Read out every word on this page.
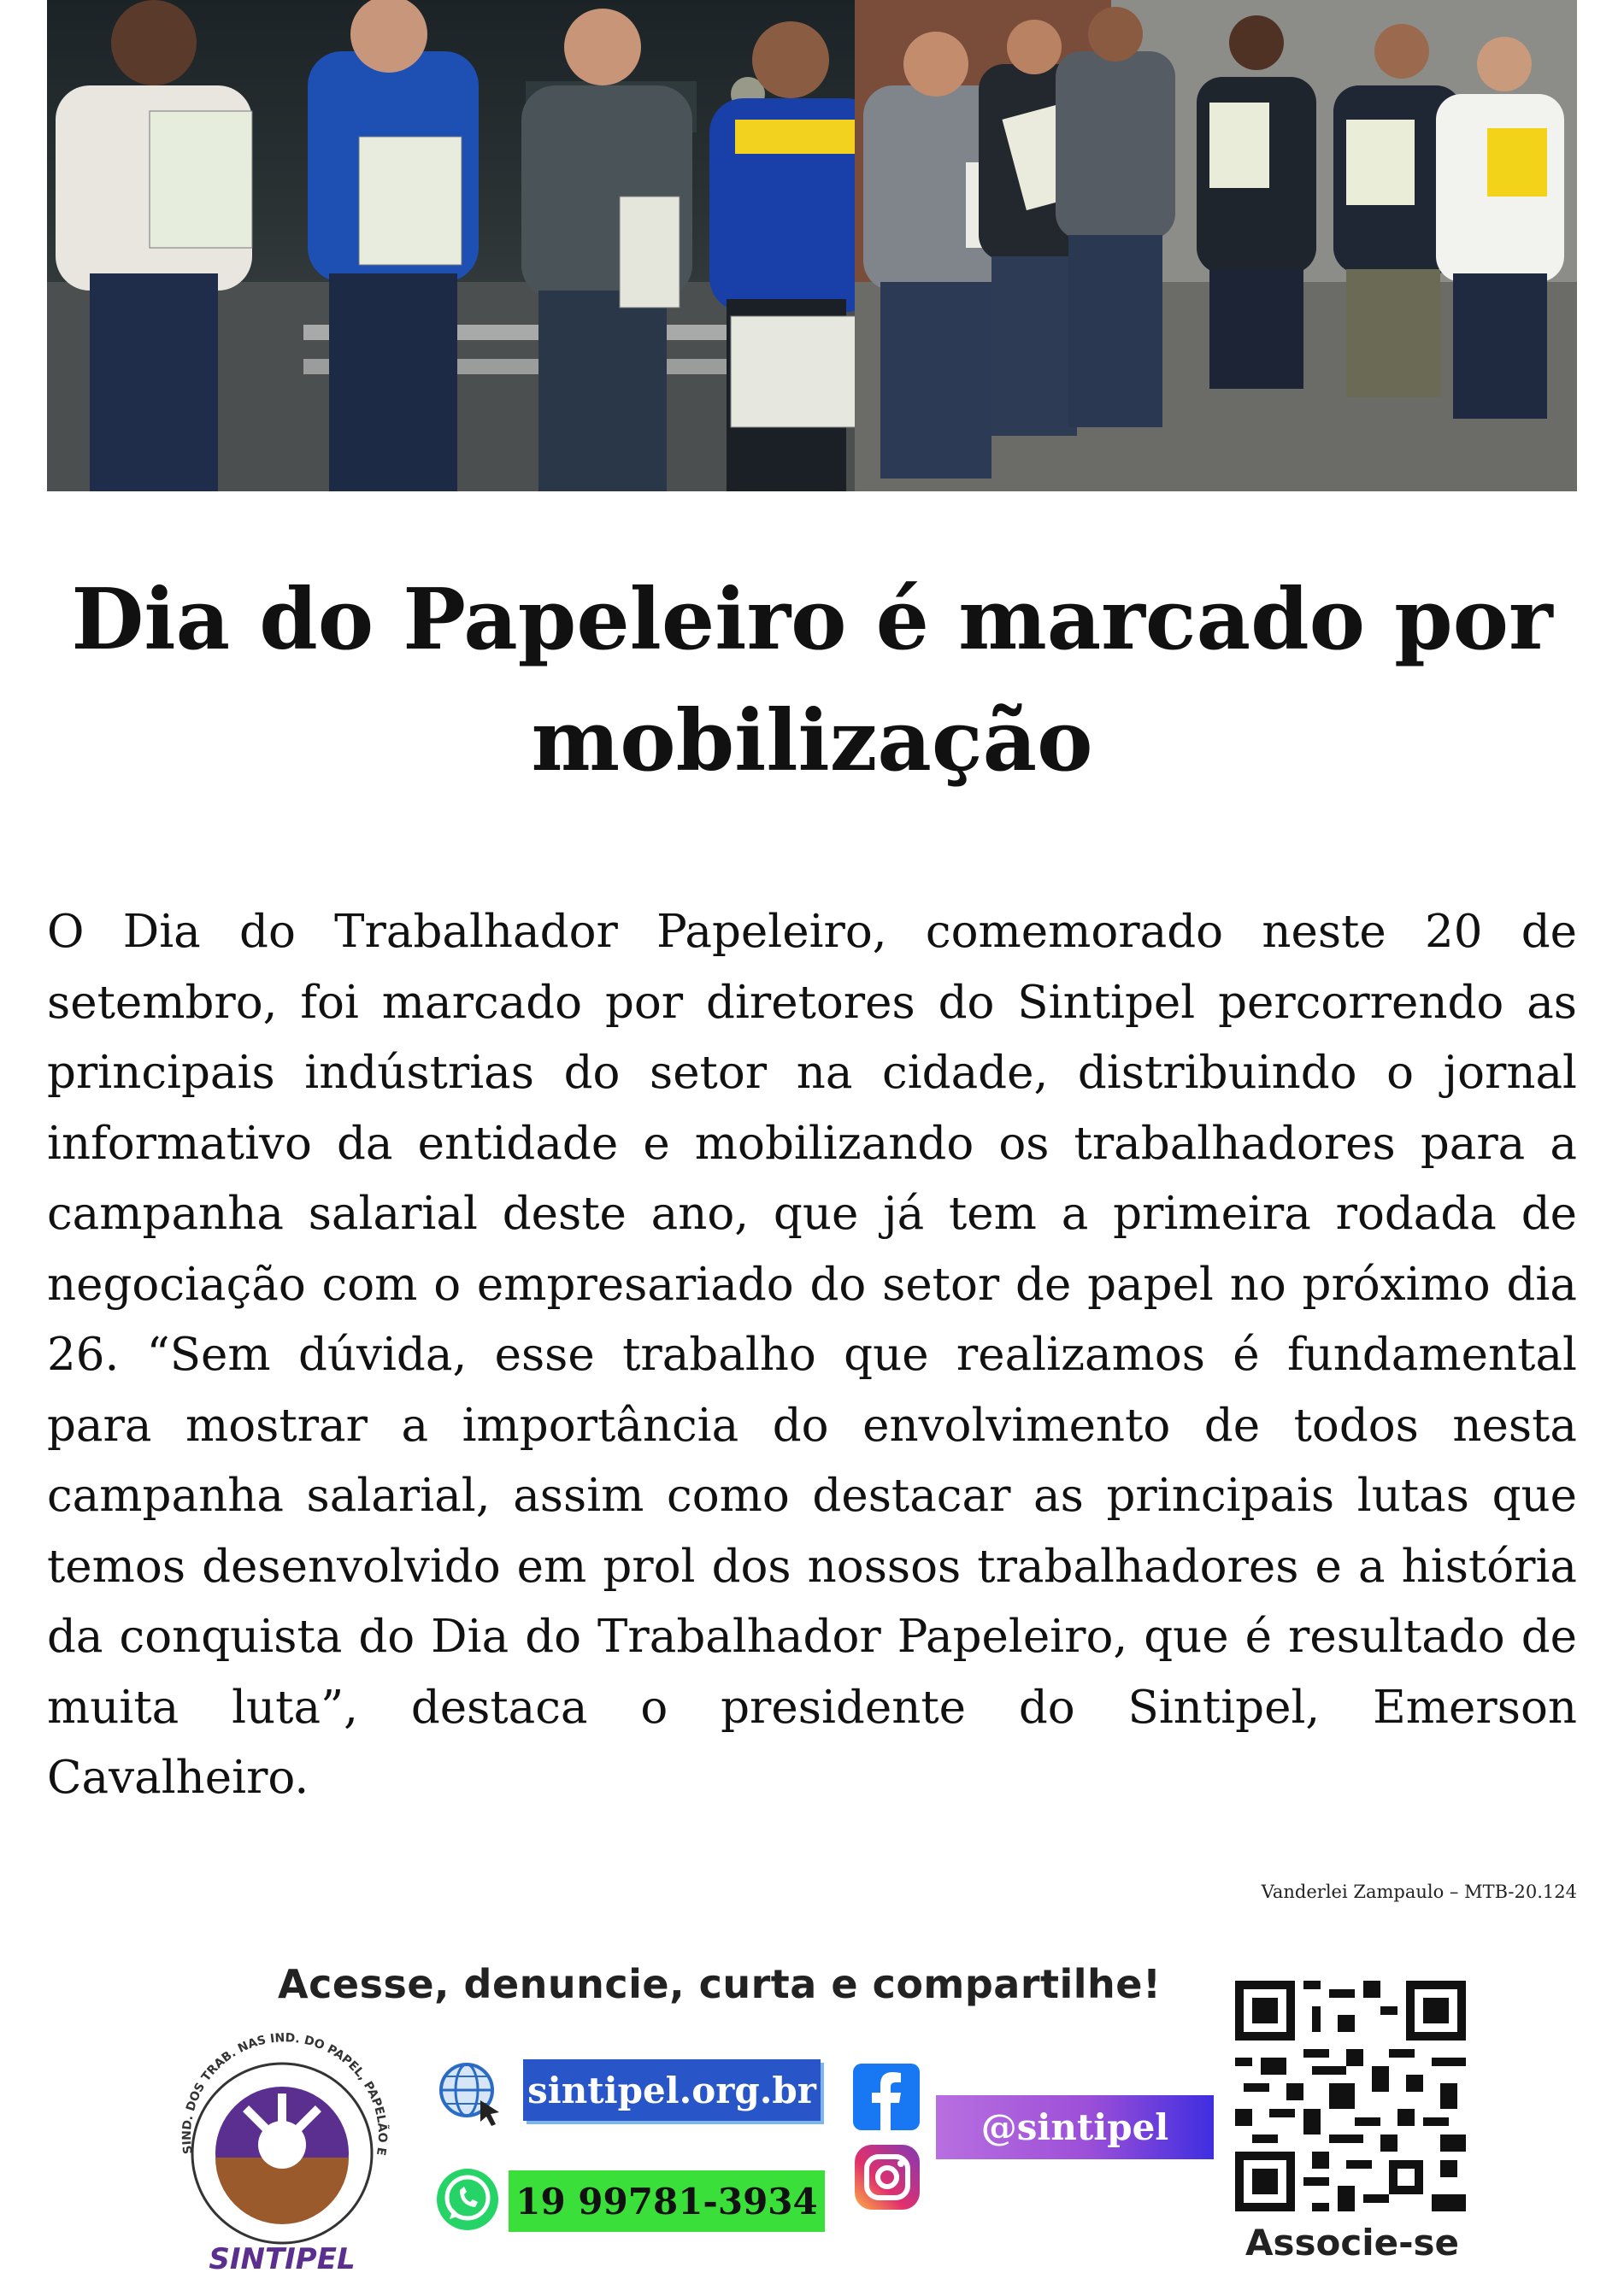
Dia do Papeleiro é marcado por mobilização

O Dia do Trabalhador Papeleiro, comemorado neste 20 de setembro, foi marcado por diretores do Sintipel percorrendo as principais indústrias do setor na cidade, distribuindo o jornal informativo da entidade e mobilizando os trabalhadores para a campanha salarial deste ano, que já tem a primeira rodada de negociação com o empresariado do setor de papel no próximo dia 26. “Sem dúvida, esse trabalho que realizamos é fundamental para mostrar a importância do envolvimento de todos nesta campanha salarial, assim como destacar as principais lutas que temos desenvolvido em prol dos nossos trabalhadores e a história da conquista do Dia do Trabalhador Papeleiro, que é resultado de muita luta”, destaca o presidente do Sintipel, Emerson Cavalheiro.

Vanderlei Zampaulo – MTB-20.124
Acesse, denuncie, curta e compartilhe!
SIND. DOS TRAB. NAS IND. DO PAPEL, PAPELÃO E
SINTIPEL
sintipel.org.br
19 99781-3934
@sintipel
Associe-se
